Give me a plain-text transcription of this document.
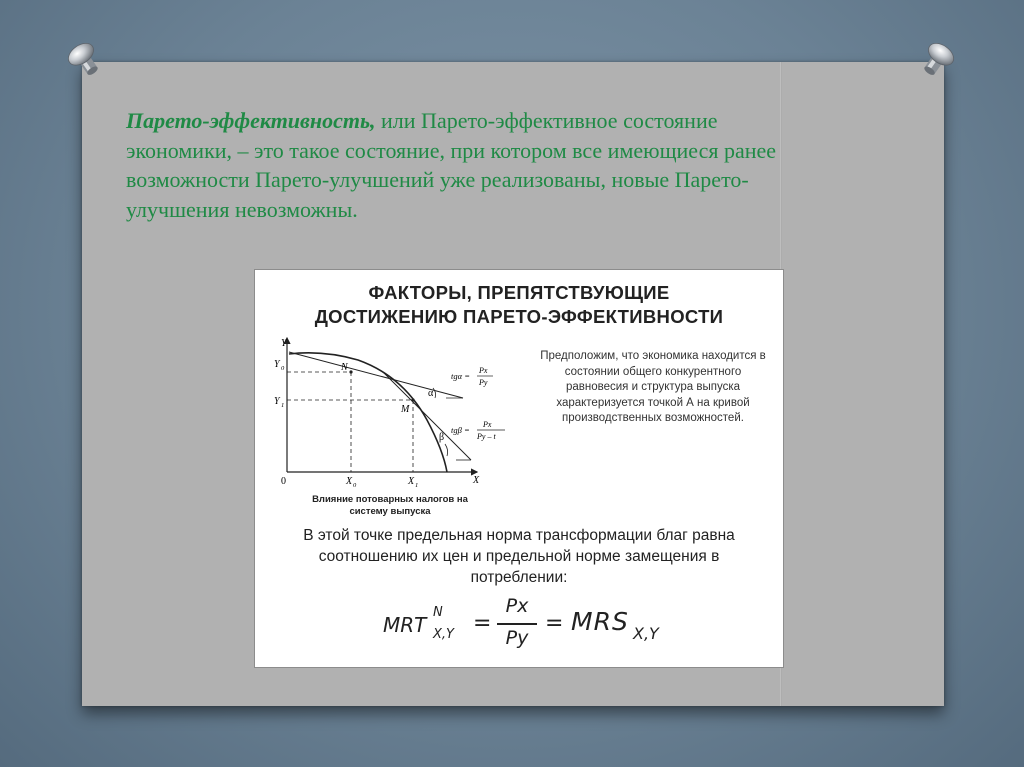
Парето-эффективность, или Парето-эффективное состояние экономики, – это такое состояние, при котором все имеющиеся ранее возможности Парето-улучшений уже реализованы, новые Парето-улучшения невозможны.
ФАКТОРЫ, ПРЕПЯТСТВУЮЩИЕ
ДОСТИЖЕНИЮ ПАРЕТО-ЭФФЕКТИВНОСТИ
Y
X
0
Y 0
Y 1
X 0	X 1
N
M
α
β
tgα =
Px
Py
tgβ =
Px
Py – t
Предположим, что экономика находится в состоянии общего конкурентного равновесия и структура выпуска характеризуется точкой А на кривой производственных возможностей.
Влияние потоварных налогов на систему выпуска
В этой точке предельная норма трансформации благ равна соотношению их цен и предельной норме замещения в потреблении:
MRT
N
X,Y =
Px
Py
= MRS X,Y
